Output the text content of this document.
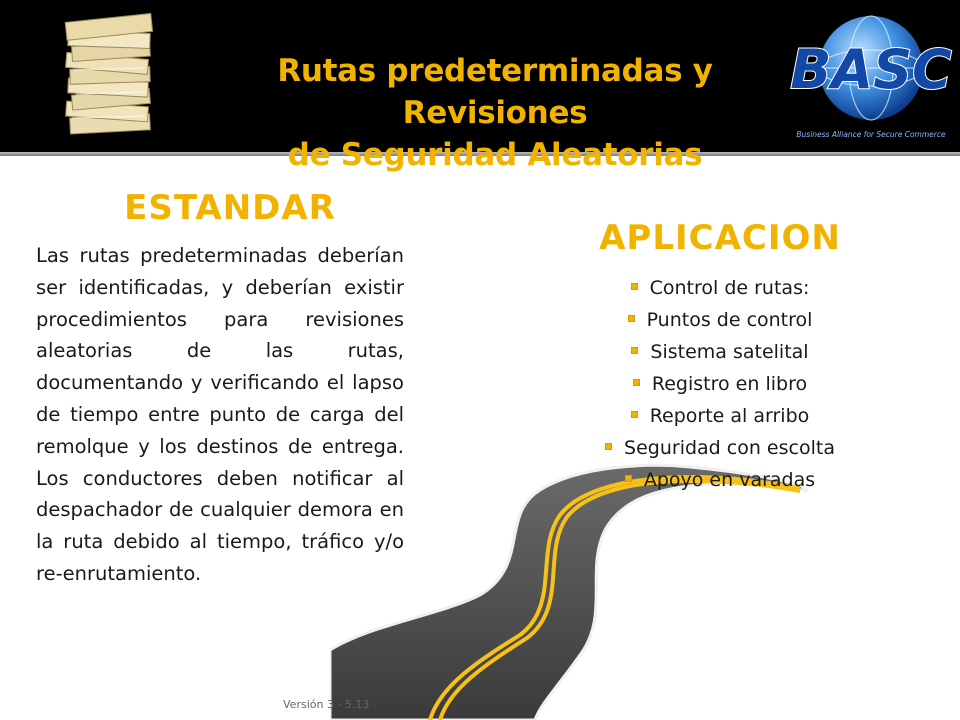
Rutas predeterminadas y Revisiones
de Seguridad Aleatorias
BASC
Business Alliance for Secure Commerce
ESTANDAR
APLICACION
Las rutas predeterminadas deberían ser identificadas, y deberían existir procedimientos para revisiones aleatorias de las rutas, documentando y verificando el lapso de tiempo entre punto de carga del remolque y los destinos de entrega. Los conductores deben notificar al despachador de cualquier demora en la ruta debido al tiempo, tráfico y/o re-enrutamiento.
Control de rutas:
Puntos de control
Sistema satelital
Registro en libro
Reporte al arribo
Seguridad con escolta
Apoyo en varadas
Versión 3 - 5.13
